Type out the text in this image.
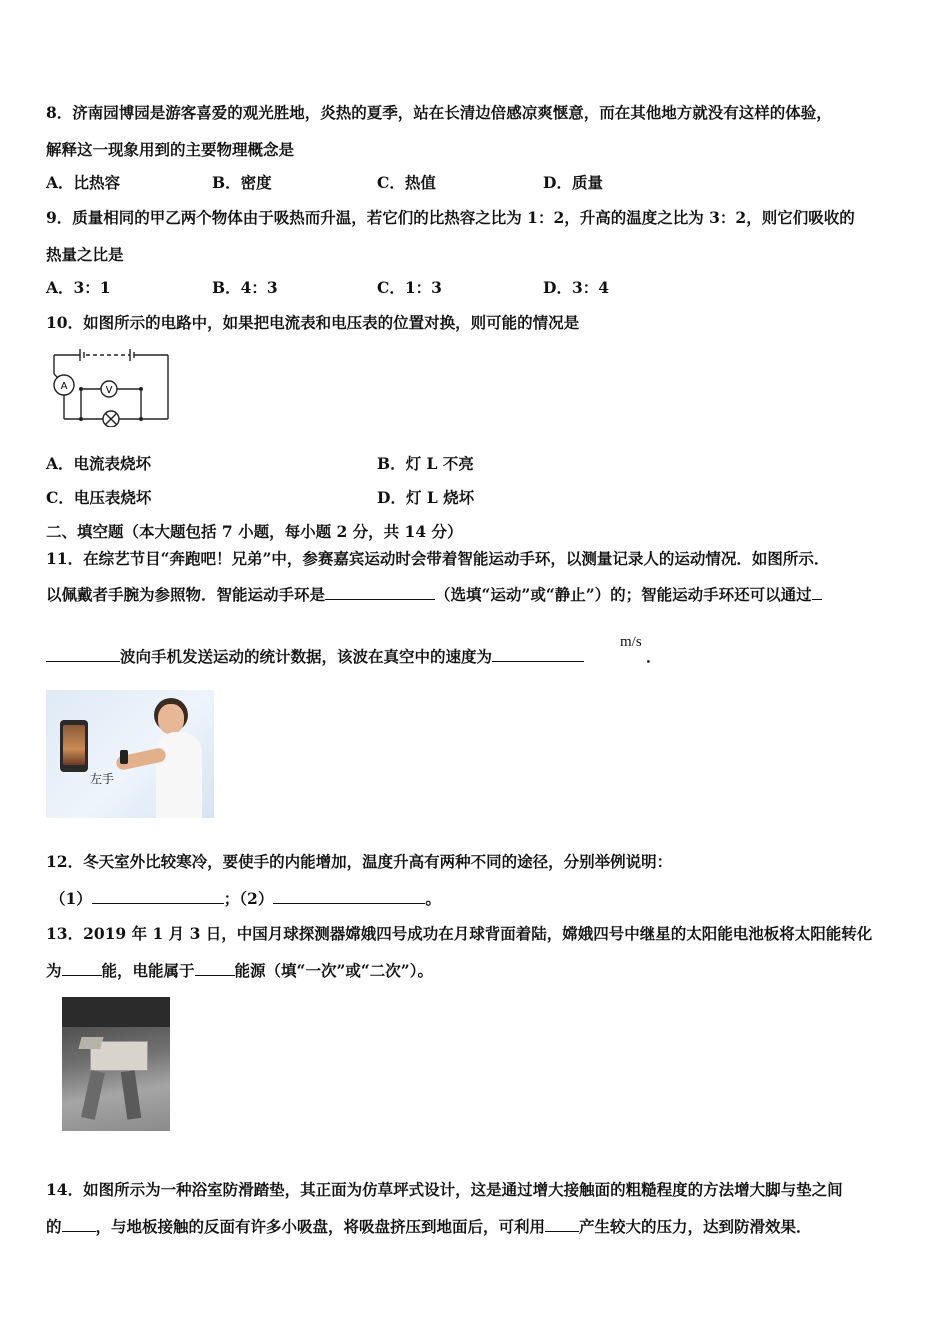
8．济南园博园是游客喜爱的观光胜地，炎热的夏季，站在长清边倍感凉爽惬意，而在其他地方就没有这样的体验，
解释这一现象用到的主要物理概念是
A．比热容	B．密度	C．热值	D．质量
9．质量相同的甲乙两个物体由于吸热而升温，若它们的比热容之比为 1：2，升高的温度之比为 3：2，则它们吸收的
热量之比是
A．3：1	B．4：3	C．1：3	D．3：4
10．如图所示的电路中，如果把电流表和电压表的位置对换，则可能的情况是
A	V
A．电流表烧坏	B．灯 L 不亮
C．电压表烧坏	D．灯 L 烧坏
二、填空题（本大题包括 7 小题，每小题 2 分，共 14 分）
11．在综艺节目“奔跑吧！兄弟”中，参赛嘉宾运动时会带着智能运动手环，以测量记录人的运动情况．如图所示．
以佩戴者手腕为参照物．智能运动手环是	（选填“运动”或“静止”）的；智能运动手环还可以通过
波向手机发送运动的统计数据，该波在真空中的速度为
m/s
．
左手
12．冬天室外比较寒冷，要使手的内能增加，温度升高有两种不同的途径，分别举例说明：
（1）	；（2）	。
13．2019 年 1 月 3 日，中国月球探测器嫦娥四号成功在月球背面着陆，嫦娥四号中继星的太阳能电池板将太阳能转化
为	能，电能属于	能源（填“一次”或“二次”）。
14．如图所示为一种浴室防滑踏垫，其正面为仿草坪式设计，这是通过增大接触面的粗糙程度的方法增大脚与垫之间
的 ，与地板接触的反面有许多小吸盘，将吸盘挤压到地面后，可利用 产生较大的压力，达到防滑效果．
